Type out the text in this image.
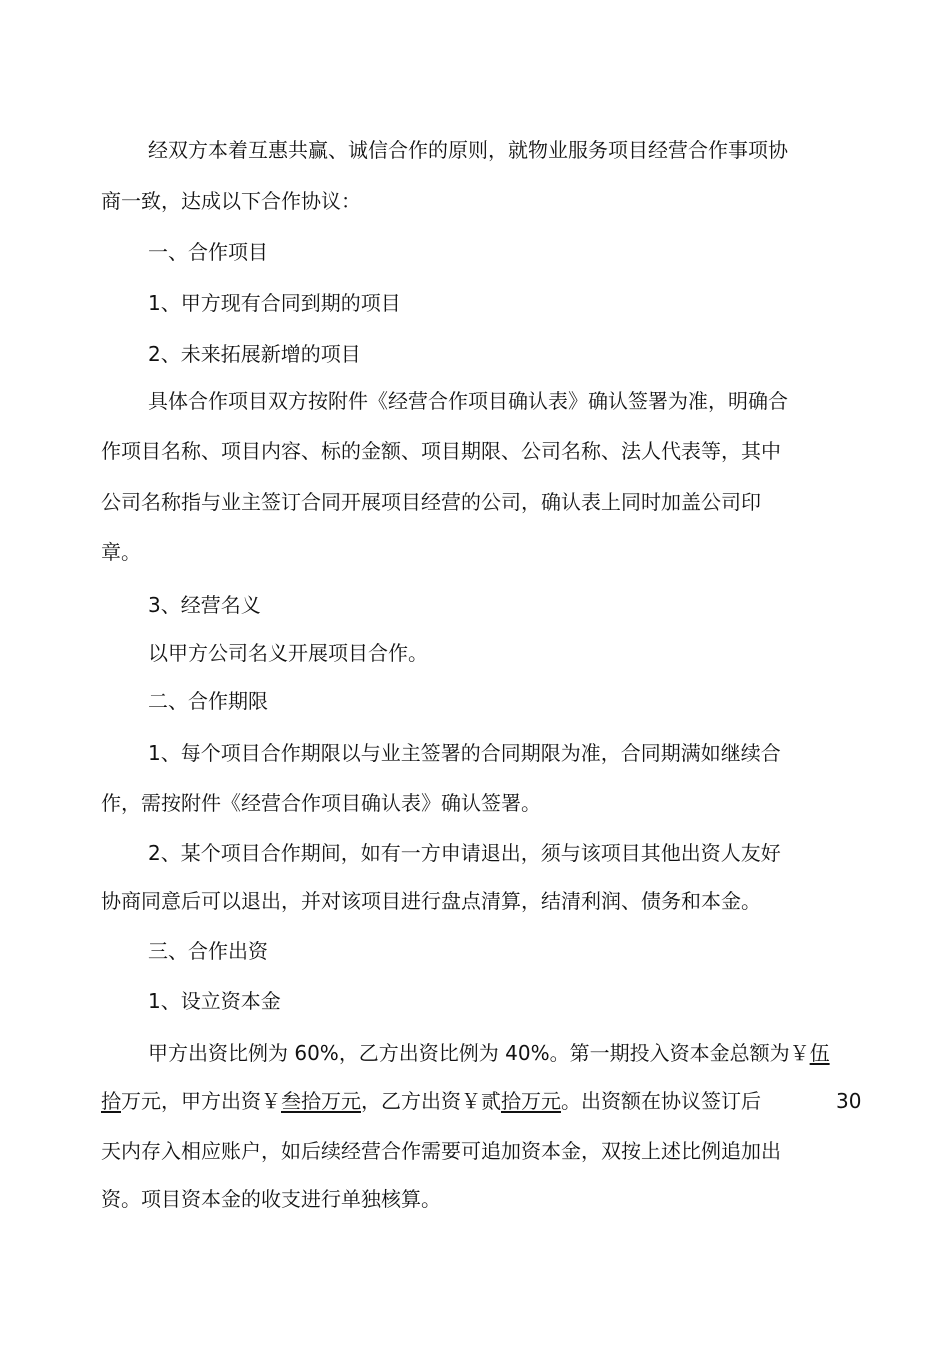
经双方本着互惠共赢、诚信合作的原则，就物业服务项目经营合作事项协

商一致，达成以下合作协议：

一、合作项目

1、甲方现有合同到期的项目

2、未来拓展新增的项目

具体合作项目双方按附件《经营合作项目确认表》确认签署为准，明确合

作项目名称、项目内容、标的金额、项目期限、公司名称、法人代表等，其中

公司名称指与业主签订合同开展项目经营的公司，确认表上同时加盖公司印

章。

3、经营名义

以甲方公司名义开展项目合作。

二、合作期限

1、每个项目合作期限以与业主签署的合同期限为准，合同期满如继续合

作，需按附件《经营合作项目确认表》确认签署。

2、某个项目合作期间，如有一方申请退出，须与该项目其他出资人友好

协商同意后可以退出，并对该项目进行盘点清算，结清利润、债务和本金。

三、合作出资

1、设立资本金

甲方出资比例为 60%，乙方出资比例为 40%。第一期投入资本金总额为￥伍

拾万元，甲方出资￥叁拾万元，乙方出资￥贰拾万元。出资额在协议签订后	30

天内存入相应账户，如后续经营合作需要可追加资本金，双按上述比例追加出

资。项目资本金的收支进行单独核算。
